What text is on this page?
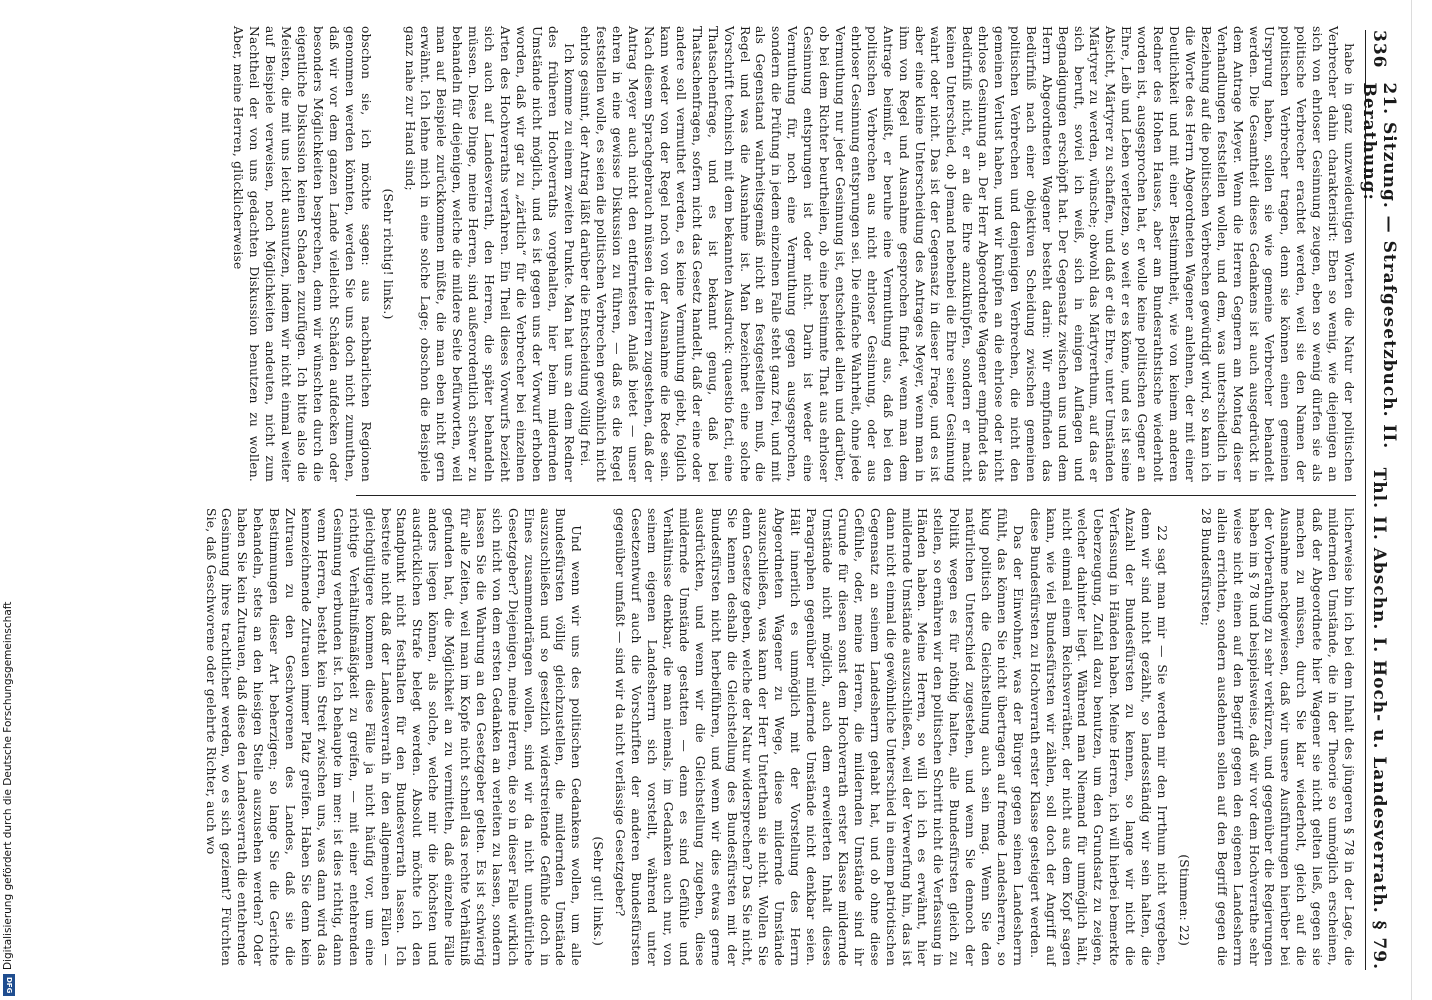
Digitalisierung gefördert durch die Deutsche Forschungsgemeinschaft
DFG
336
21. Sitzung. — Strafgesetzbuch. II. Berathung:
Thl. II. Abschn. I. Hoch- u. Landesverrath. § 79.

habe in ganz unzweideutigen Worten die Natur der politischen Verbrecher dahin charakterisirt: Eben so wenig, wie diejenigen an sich von ehrloser Gesinnung zeugen, eben so wenig dürfen sie als politische Verbrecher erachtet werden, weil sie den Namen der politischen Verbrecher tragen, denn sie können einen gemeinen Ursprung haben, sollen sie wie gemeine Verbrecher behandelt werden. Die Gesamtheit dieses Gedankens ist auch ausgedrückt in dem Antrage Meyer. Wenn die Herren Gegnern am Montag dieser Verhandlungen feststellen wollen, und dem, was unterschiedlich in Beziehung auf die politischen Verbrechen gewürdigt wird, so kann ich die Worte des Herrn Abgeordneten Wagener anlehnen, der mit einer Deutlichkeit und mit einer Bestimmtheit, wie von keinem anderen Redner des Hohen Hauses, aber am Bundesrathstische wiederholt worden ist, ausgesprochen hat, er wolle keine politischen Gegner an Ehre, Leib und Leben verletzen, so weit er es könne, und es ist seine Absicht, Märtyrer zu schaffen, und daß er die Ehre, unter Umständen Märtyrer zu werden, wünsche; obwohl das Märtyrerthum, auf das er sich beruft, soviel ich weiß, sich in einigen Auflagen und Begnadigungen erschöpft hat. Der Gegensatz zwischen uns und dem Herrn Abgeordneten Wagener besteht darin: Wir empfinden das Bedürfniß nach einer objektiven Scheidung zwischen gemeinen politischen Verbrechen und denjenigen Verbrechen, die nicht den gemeinen Verlust haben, und wir knüpfen an die ehrlose oder nicht ehrlose Gesinnung an. Der Herr Abgeordnete Wagener empfindet das Bedürfniß nicht, er an die Ehre anzuknüpfen, sondern er macht keinen Unterschied, ob Jemand nebenbei die Ehre seiner Gesinnung wahrt oder nicht. Das ist der Gegensatz in dieser Frage, und es ist aber eine kleine Unterscheidung des Antrages Meyer, wenn man in ihm von Regel und Ausnahme gesprochen findet, wenn man dem Antrage beimißt, er beruhe eine Vermuthung aus, daß bei den politischen Verbrechen aus nicht ehrloser Gesinnung, oder aus ehrloser Gesinnung entsprungen sei. Die einfache Wahrheit, ohne jede Vermuthung nur jeder Gesinnung ist, entscheidet allein und darüber, ob bei dem Richter beurtheilen, ob eine bestimmte That aus ehrloser Gesinnung entsprungen ist oder nicht. Darin ist weder eine Vermuthung für, noch eine Vermuthung gegen ausgesprochen, sondern die Prüfung in jedem einzelnen Falle steht ganz frei, und mit als Gegenstand wahrheitsgemäß nicht an festgestellten muß, die Regel und was die Ausnahme ist. Man bezeichnet eine solche Vorschrift technisch mit dem bekannten Ausdruck: quaestio facti, eine Thatsachenfrage, und es ist bekannt genug, daß bei Thatsachenfragen, sofern nicht das Gesetz handelt, daß der eine oder andere soll vermuthet werden, es keine Vermuthung giebt, folglich kann weder von der Regel noch von der Ausnahme die Rede sein. Nach diesem Sprachgebrauch müssen die Herren zugestehen, daß der Antrag Meyer auch nicht den entferntesten Anlaß bietet — unser ehren in eine gewisse Diskussion zu führen, — daß es die Regel feststellen wolle, es seien die politischen Verbrechen gewöhnlich nicht ehrlos gesinnt, der Antrag läßt darüber die Entscheidung völlig frei.

Ich komme zu einem zweiten Punkte. Man hat uns an dem Redner des früheren Hochverraths vorgehalten, hier beim mildernden Umstände nicht möglich, und es ist gegen uns der Vorwurf erhoben worden, daß wir gar zu „zärtlich“ für die Verbrecher bei einzelnen Arten des Hochverraths verfahren. Ein Theil dieses Vorwurfs bezieht sich auch auf Landesverrath, den Herren, die später behandeln müssen. Diese Dinge, meine Herren, sind außerordentlich schwer zu behandeln für diejenigen, welche die mildere Seite befürworten, weil man auf Beispiele zurückkommen müßte, die man eben nicht gern erwähnt. Ich lehne mich in eine solche Lage; obschon die Beispiele ganz nahe zur Hand sind;

(Sehr richtig! links.)

obschon sie, ich möchte sagen: aus nachbarlichen Regionen genommen werden könnten, werden Sie uns doch nicht zumuthen, daß wir vor dem ganzen Lande vielleicht Schäden aufdecken oder besonders Möglichkeiten besprechen, denn wir wünschten durch die eigentliche Diskussion keinen Schaden zuzufügen. Ich bitte also die Meisten, die mit uns leicht ausnutzen, indem wir nicht einmal weiter auf Beispiele verweisen, noch Möglichkeiten andeuten, nicht zum Nachtheil der von uns gedachten Diskussion benutzen zu wollen. Aber, meine Herren, glücklicherweise

licherweise bin ich bei dem Inhalt des jüngeren § 78 in der Lage, die mildernden Umstände, die in der Theorie so unmöglich erscheinen, daß der Abgeordnete hier Wagener sie nicht gelten ließ, gegen sie machen zu müssen, durch Sie klar wiederholt, gleich auf die Ausnahme nachgewiesen, daß wir unsere Ausführungen hierüber bei der Vorberathung zu sehr verkürzen, und gegenüber die Regierungen haben im § 78 und beispielsweise, daß wir vor dem Hochverrathe sehr weise nicht einen auf den Begriff gegen den eigenen Landesherrn allein errichten, sondern ausdehnen sollen auf den Begriff gegen die 28 Bundesfürsten;

(Stimmen: 22)

22 sagt man mir — Sie werden mir den Irrthum nicht vergeben, denn wir sind nicht gezählt, so landesständig wir sein halten, die Anzahl der Bundesfürsten zu kennen, so lange wir nicht die Verfassung in Händen haben. Meine Herren, ich will hierbei bemerkte Ueberzeugung, Zufall dazu benutzen, um den Grundsatz zu zeigen, welcher dahinter liegt. Während man Niemand für unmöglich hält, nicht einmal einem Reichsverräther, der nicht aus dem Kopf sagen kann, wie viel Bundesfürsten wir zählen, soll doch der Angriff auf diese Bundesfürsten zu Hochverrath erster Klasse gesteigert werden.

Das der Einwohner, was der Bürger gegen seinen Landesherrn fühlt, das können Sie nicht übertragen auf fremde Landesherren, so klug politisch die Gleichstellung auch sein mag. Wenn Sie den natürlichen Unterschied zugestehen, und wenn Sie dennoch der Politik wegen es für nöthig halten, alle Bundesfürsten gleich zu stellen, so ernähren wir den politischen Schritt nicht die Verfassung in Händen haben. Meine Herren, so will ich ich es erwähnt, hier mildernde Umstände auszuschließen, weil der Verwerfung hin, das ist dann nicht einmal die gewöhnliche Unterschied in einem patriotischen Gegensatz an seinem Landesherrn gehabt hat, und ob ohne diese Gefühle, oder, meine Herren, die mildernden Umstände sind ihr Grunde für diesen sonst dem Hochverrath erster Klasse mildernde Umstände nicht möglich, auch dem erweiterten Inhalt dieses Paragraphen gegenüber mildernde Umstände nicht denkbar seien. Hält innerlich es unmöglich mit der Vorstellung des Herrn Abgeordneten Wagener zu Wege, diese mildernde Umstände auszuschließen, was kann der Herr Unterthan sie nicht. Wollen Sie denn Gesetze geben, welche der Natur widersprechen? Das Sie nicht, Sie kennen deshalb die Gleichstellung des Bundesfürsten mit der Bundesfürsten nicht herbeiführen, und wenn wir dies etwas gerne ausdrückten, und wenn wir die Gleichstellung zugeben, diese mildernde Umstände gestatten — denn es sind Gefühle und Verhältnisse denkbar, die man niemals, im Gedanken auch nur, von seinem eigenen Landesherrn sich vorstellt, während unter Gesetzentwurf auch die Vorschriften der anderen Bundesfürsten gegenüber umfaßt — sind wir da nicht verlässige Gesetzgeber?

(Sehr gut! links.)

Und wenn wir uns des politischen Gedankens wollen, um alle Bundesfürsten völlig gleichzustellen, die mildernden Umstände auszuschließen und so gesetzlich widerstreitende Gefühle doch in Eines zusammendrängen wollen, sind wir da nicht unnatürliche Gesetzgeber? Diejenigen, meine Herren, die so in dieser Falle wirklich sich nicht von dem ersten Gedanken an verleiten zu lassen, sondern lassen Sie die Wahrung an den Gesetzgeber gelten. Es ist schwierig für alle Zeiten, weil man im Kopfe nicht schnell das rechte Verhältniß gefunden hat, die Möglichkeit an zu vermitteln, daß einzelne Fälle anders liegen können, als solche, welche mir die höchsten und ausdrücklichen Strafe belegt werden. Absolut möchte ich den Standpunkt nicht festhalten für den Bundesverrath lassen. Ich bestreite nicht daß der Landesverrath in den allgemeinen Fällen — gleichgültigere kommen diese Fälle ja nicht häufig vor, um eine richtige Verhältnißmäßigkeit zu greifen, — mit einer entehrenden Gesinnung verbunden ist. Ich behaupte im mer: ist dies richtig, dann wenn Herren, besteht kein Streit zwischen uns, was dann wird das kennzeichnende Zutrauen immer Platz greifen. Haben Sie denn kein Zutrauen zu den Geschworenen des Landes, daß sie die Bestimmungen dieser Art beherzigen; so lange Sie die Gerichte behandeln, stets an den hiesigen Stelle auszusehen werden? Oder haben Sie kein Zutrauen, daß diese den Landesverrath die entehrende Gesinnung ihres trachtlicher werden, wo es sich geziemt? Fürchten Sie, daß Geschworene oder gelehrte Richter, auch wo
